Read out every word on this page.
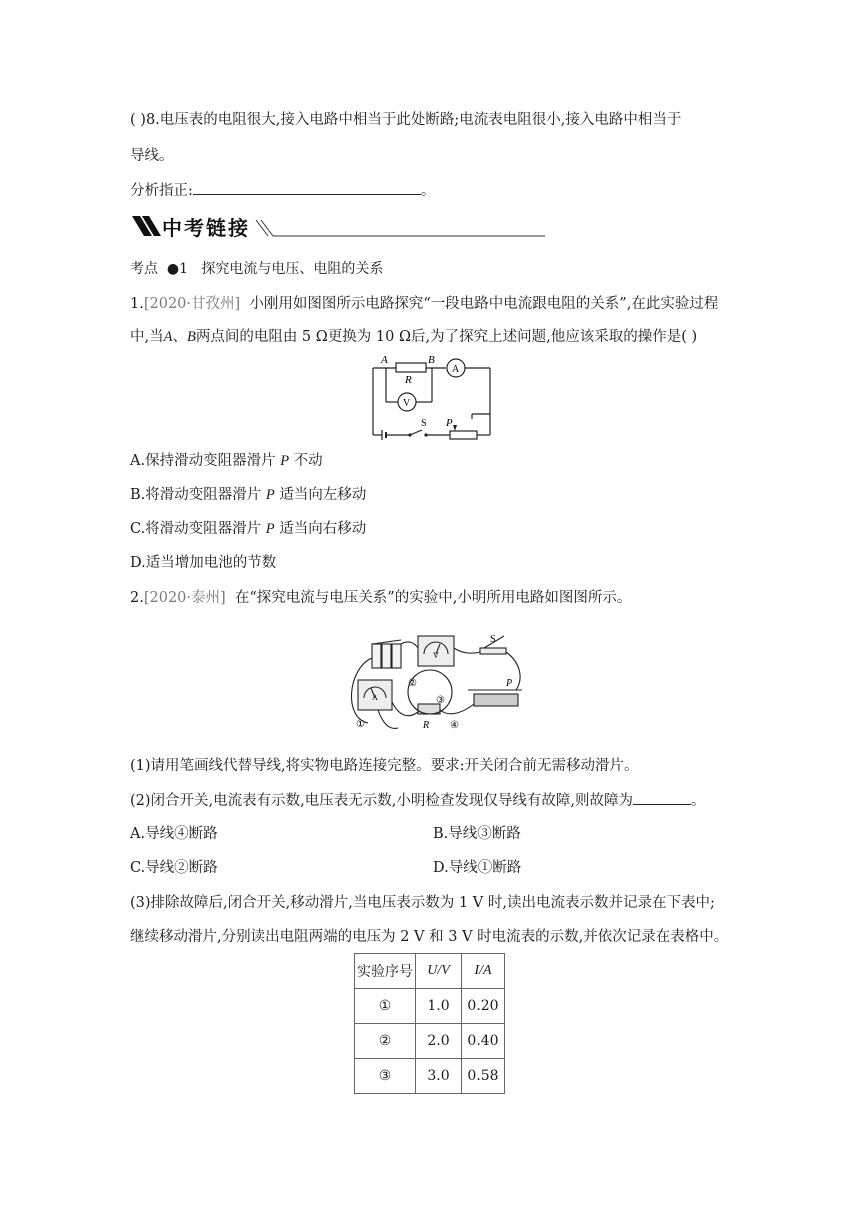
( )8.电压表的电阻很大,接入电路中相当于此处断路;电流表电阻很小,接入电路中相当于
导线。
分析指正:	。
中考链接
考点 ●1 探究电流与电压、电阻的关系
1.[2020·甘孜州] 小刚用如图图所示电路探究“一段电路中电流跟电阻的关系”,在此实验过程
中,当A、B两点间的电阻由 5 Ω更换为 10 Ω后,为了探究上述问题,他应该采取的操作是( )
A	B
R
A
V
S P
A.保持滑动变阻器滑片 P 不动
B.将滑动变阻器滑片 P 适当向左移动
C.将滑动变阻器滑片 P 适当向右移动
D.适当增加电池的节数
2.[2020·泰州] 在“探究电流与电压关系”的实验中,小明所用电路如图图所示。
①
②
③
④
R
S
P
A
V
(1)请用笔画线代替导线,将实物电路连接完整。要求:开关闭合前无需移动滑片。
(2)闭合开关,电流表有示数,电压表无示数,小明检查发现仅导线有故障,则故障为	。
A.导线④断路	B.导线③断路
C.导线②断路	D.导线①断路
(3)排除故障后,闭合开关,移动滑片,当电压表示数为 1 V 时,读出电流表示数并记录在下表中;
继续移动滑片,分别读出电阻两端的电压为 2 V 和 3 V 时电流表的示数,并依次记录在表格中。
实验序号	U/V	I/A
①	1.0	0.20
②	2.0	0.40
③	3.0	0.58
